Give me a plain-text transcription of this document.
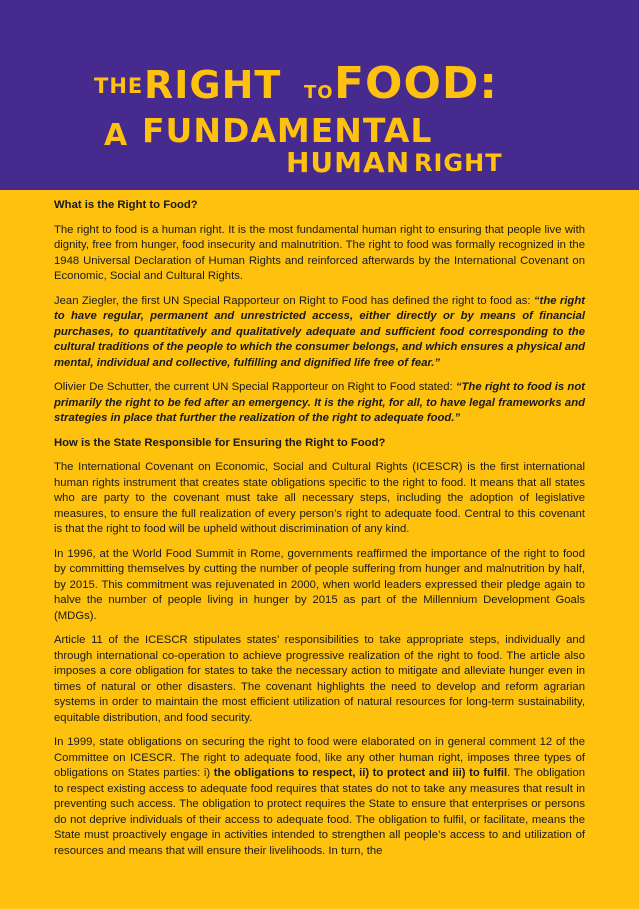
THE RIGHT TO FOOD:
A FUNDAMENTAL
HUMAN RIGHT
What is the Right to Food?

The right to food is a human right. It is the most fundamental human right to ensuring that people live with dignity, free from hunger, food insecurity and malnutrition. The right to food was formally recognized in the 1948 Universal Declaration of Human Rights and reinforced afterwards by the International Covenant on Economic, Social and Cultural Rights.

Jean Ziegler, the first UN Special Rapporteur on Right to Food has defined the right to food as: “the right to have regular, permanent and unrestricted access, either directly or by means of financial purchases, to quantitatively and qualitatively adequate and sufficient food corresponding to the cultural traditions of the people to which the consumer belongs, and which ensures a physical and mental, individual and collective, fulfilling and dignified life free of fear.”

Olivier De Schutter, the current UN Special Rapporteur on Right to Food stated: “The right to food is not primarily the right to be fed after an emergency. It is the right, for all, to have legal frameworks and strategies in place that further the realization of the right to adequate food.”

How is the State Responsible for Ensuring the Right to Food?

The International Covenant on Economic, Social and Cultural Rights (ICESCR) is the first international human rights instrument that creates state obligations specific to the right to food. It means that all states who are party to the covenant must take all necessary steps, including the adoption of legislative measures, to ensure the full realization of every person’s right to adequate food. Central to this covenant is that the right to food will be upheld without discrimination of any kind.

In 1996, at the World Food Summit in Rome, governments reaffirmed the importance of the right to food by committing themselves by cutting the number of people suffering from hunger and malnutrition by half, by 2015. This commitment was rejuvenated in 2000, when world leaders expressed their pledge again to halve the number of people living in hunger by 2015 as part of the Millennium Development Goals (MDGs).

Article 11 of the ICESCR stipulates states’ responsibilities to take appropriate steps, individually and through international co-operation to achieve progressive realization of the right to food. The article also imposes a core obligation for states to take the necessary action to mitigate and alleviate hunger even in times of natural or other disasters. The covenant highlights the need to develop and reform agrarian systems in order to maintain the most efficient utilization of natural resources for long-term sustainability, equitable distribution, and food security.

In 1999, state obligations on securing the right to food were elaborated on in general comment 12 of the Committee on ICESCR. The right to adequate food, like any other human right, imposes three types of obligations on States parties: i) the obligations to respect, ii) to protect and iii) to fulfil. The obligation to respect existing access to adequate food requires that states do not to take any measures that result in preventing such access. The obligation to protect requires the State to ensure that enterprises or persons do not deprive individuals of their access to adequate food. The obligation to fulfil, or facilitate, means the State must proactively engage in activities intended to strengthen all people’s access to and utilization of resources and means that will ensure their livelihoods. In turn, the
